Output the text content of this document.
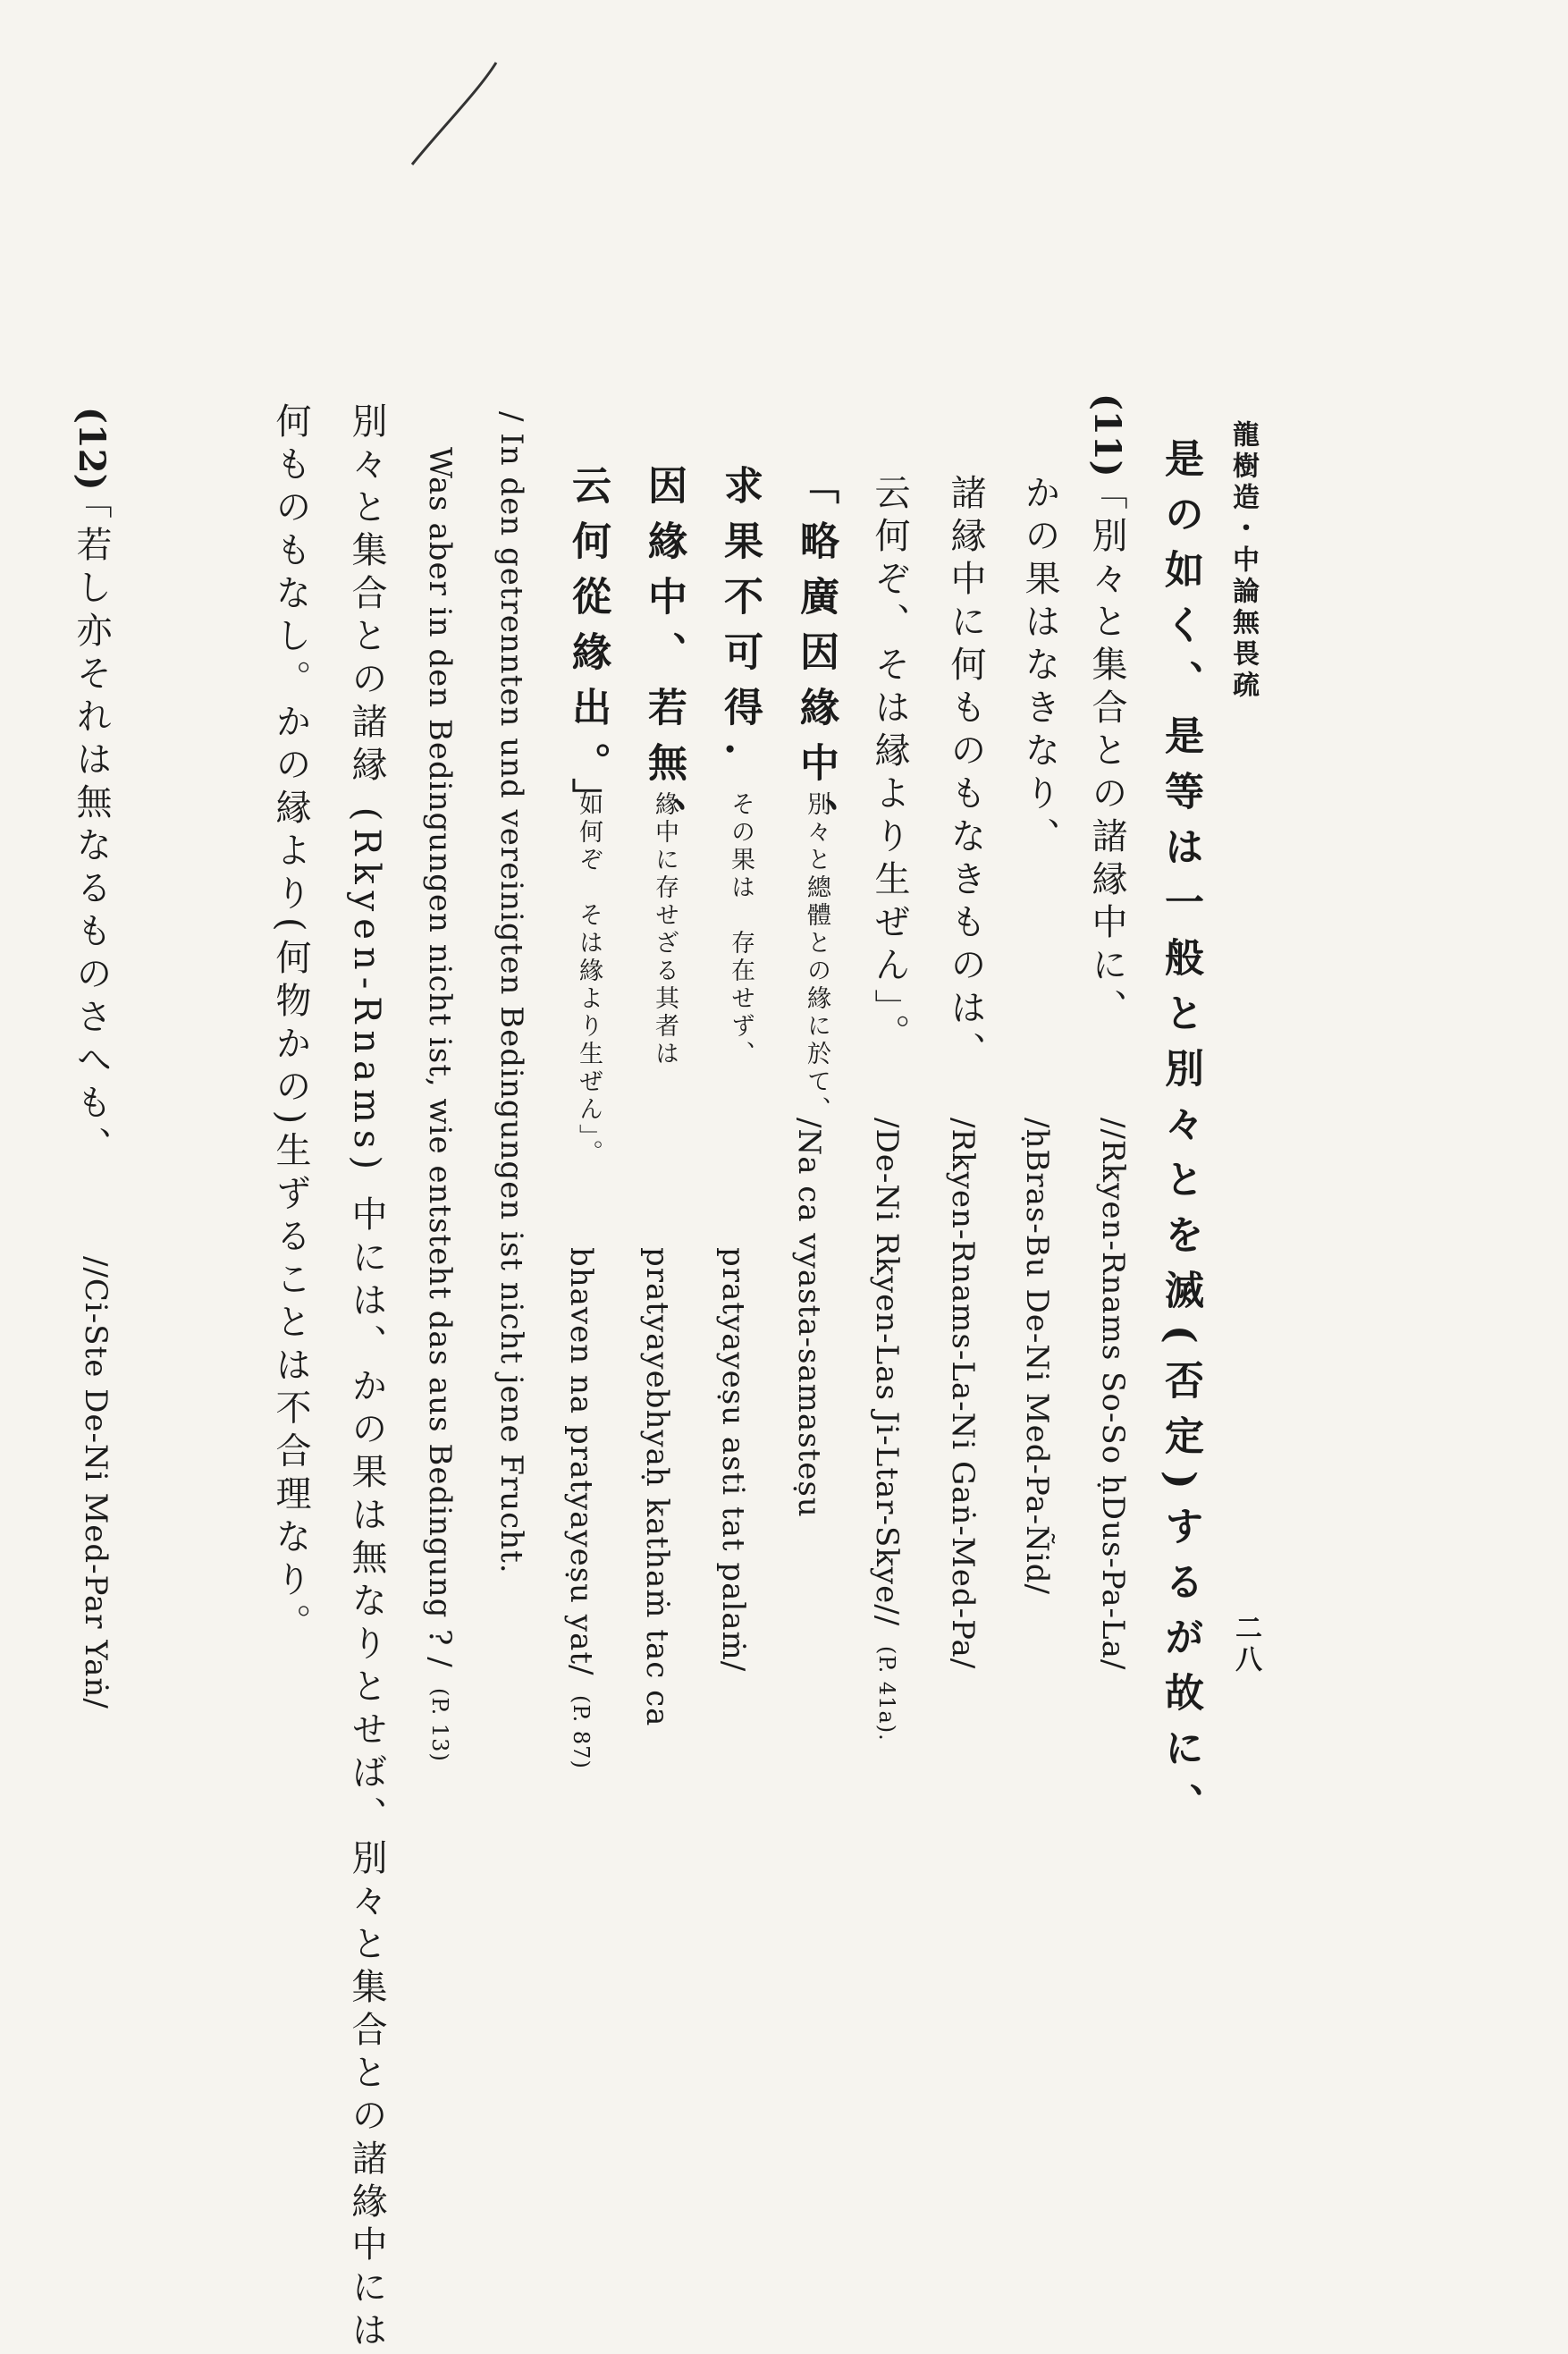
龍樹造・中論無畏疏
二八
是の如く、是等は一般と別々とを滅(否定)するが故に、
//Rkyen-Rnams So-So ḥDus-Pa-La/
(11)
「別々と集合との諸縁中に、
かの果はなきなり、
/ḥBras-Bu De-Ni Med-Pa-Ñid/
諸縁中に何ものもなきものは、
/Rkyen-Rnams-La-Ni Gaṅ-Med-Pa/
云何ぞ、そは縁より生ぜん」。
/De-Ni Rkyen-Las Ji-Ltar-Skye//(P. 41a).
「略廣因緣中、
別々と總體との緣に於て、
/Na ca vyasta-samasteṣu
求果不可得.
その果は　存在せず、
pratyayeṣu asti tat palaṁ/
因緣中、若無、
緣中に存せざる其者は
pratyayebhyaḥ kathaṁ tac ca
云何從緣出。」
如何ぞ　そは緣より生ぜん」。
bhaven na pratyayeṣu yat/(P. 87)
/ In den getrennten und vereinigten Bedingungen ist nicht jene Frucht.
Was aber in den Bedingungen nicht ist, wie entsteht das aus Bedingung ? /(P. 13)
別々と集合との諸縁 (Rkyen-Rnams) 中には、かの果は無なりとせば、別々と集合との諸緣中には
何ものもなし。かの縁より(何物かの)生ずることは不合理なり。
(12)
「若し亦それは無なるものさへも、
//Ci-Ste De-Ni Med-Par Yaṅ/
